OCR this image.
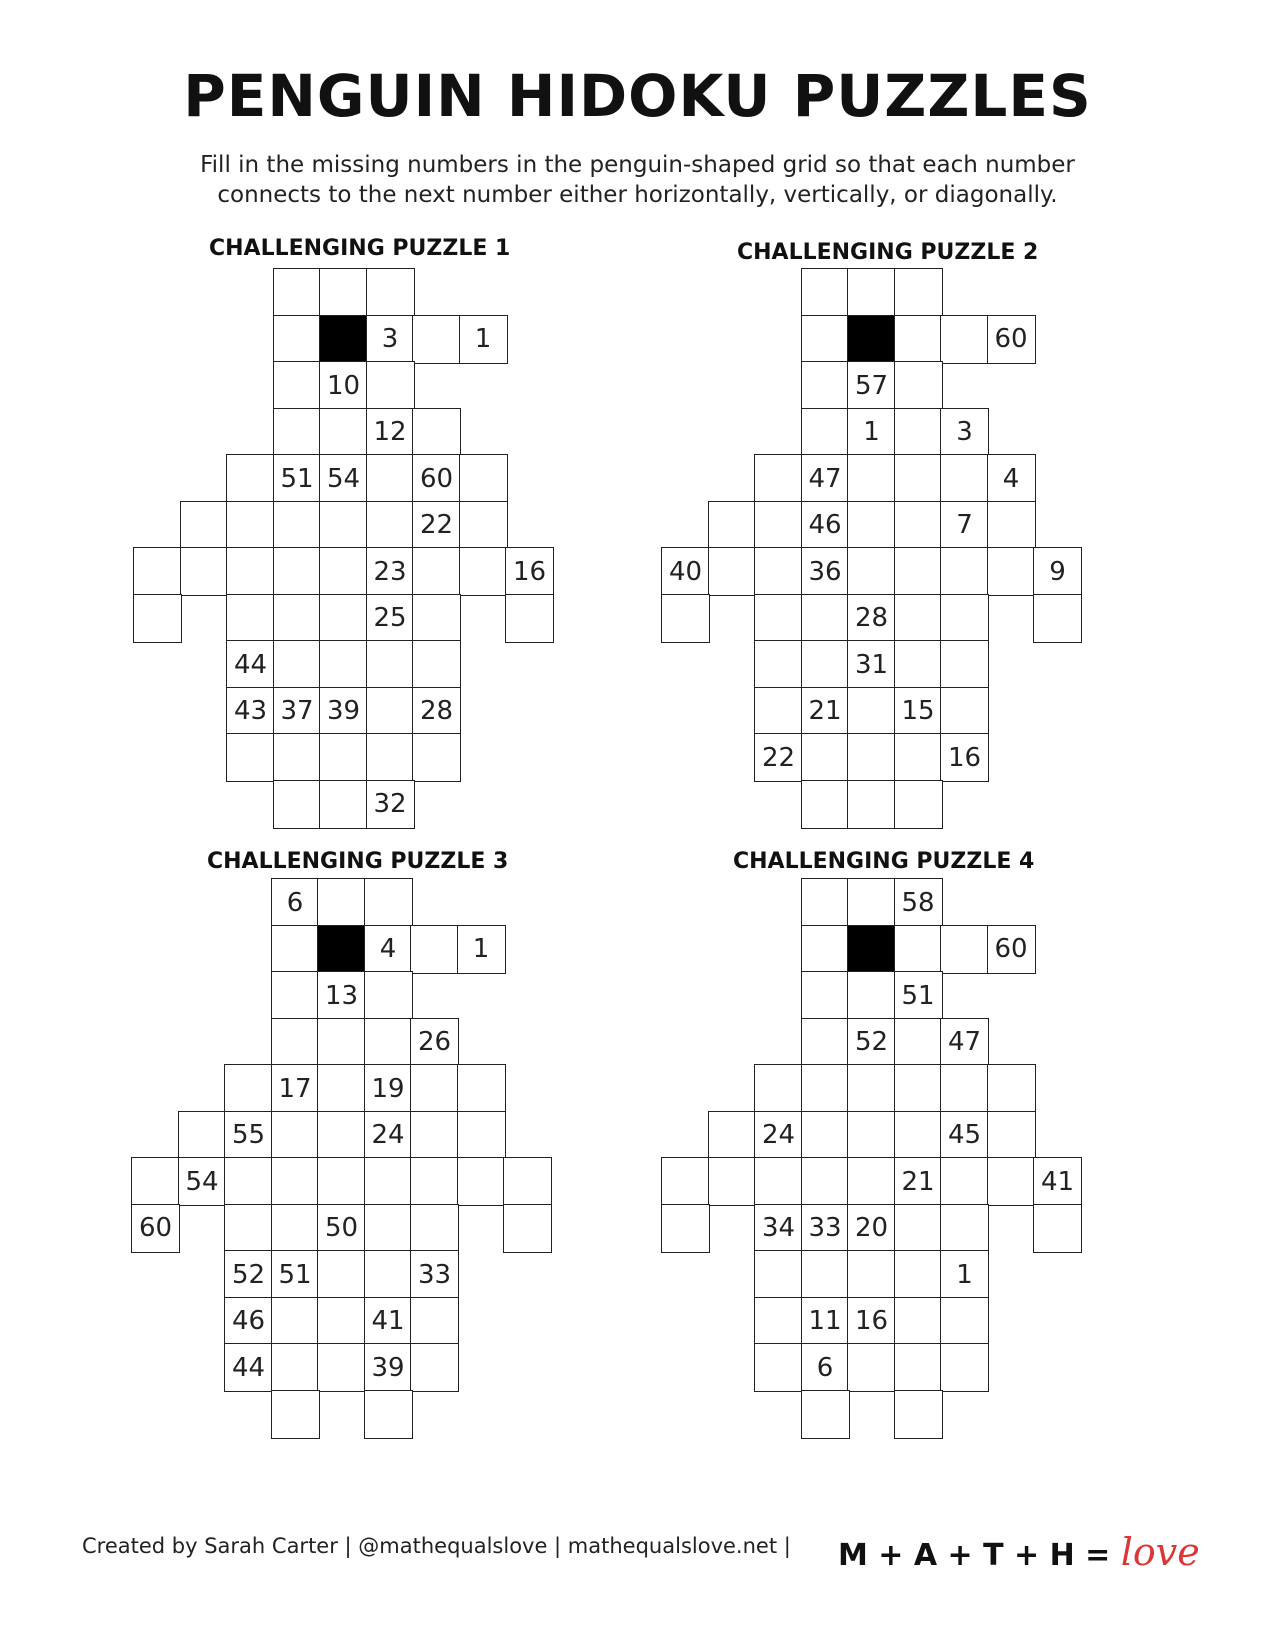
PENGUIN HIDOKU PUZZLES
Fill in the missing numbers in the penguin-shaped grid so that each number
connects to the next number either horizontally, vertically, or diagonally.
CHALLENGING PUZZLE 1
3	1
10
12
51 54	60
22
23	16
25
44
43 37 39	28
32
CHALLENGING PUZZLE 2
60
57
1	3
47	4
46	7
40	36	9
28
31
21	15
22	16
CHALLENGING PUZZLE 3
6
4	1
13
26
17	19
55	24
54
60	50
52 51	33
46	41
44	39
CHALLENGING PUZZLE 4
58
60
51
52	47
24	45
21	41
34 33 20
1
11 16
6
Created by Sarah Carter | @mathequalslove | mathequalslove.net | M + A + T + H = love
